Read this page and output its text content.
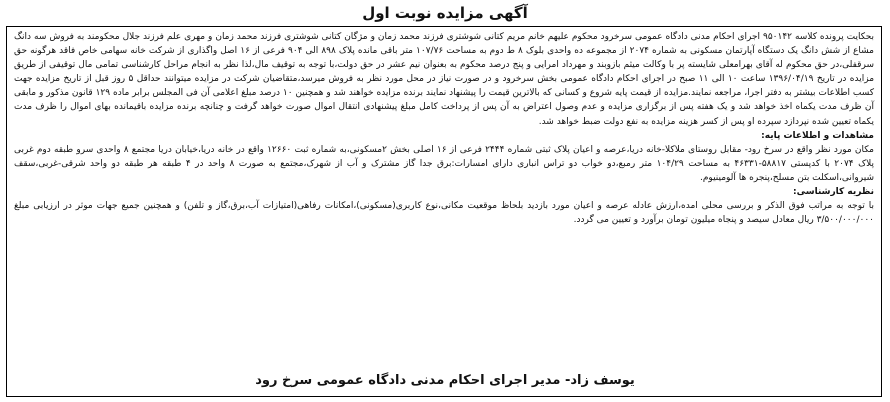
آگهی مزایده نوبت اول

بحکایت پرونده کلاسه ۹۵۰۱۴۲ اجرای احکام مدنی دادگاه عمومی سرخرود محکوم علیهم خانم مریم کتانی شوشتری فرزند محمد زمان و مژگان کتانی شوشتری فرزند محمد زمان و مهری علم فرزند جلال محکومند به فروش سه دانگ مشاع از شش دانگ یک دستگاه آپارتمان مسکونی به شماره ۲۰۷۴ از مجموعه ده واحدی بلوک ۸ ط دوم به مساحت ۱۰۷/۷۶ متر باقی مانده پلاک ۸۹۸ الی ۹۰۴ فرعی از ۱۶ اصل واگذاری از شرکت خانه سهامی خاص فاقد هرگونه حق سرقفلی،در حق محکوم له آقای بهرامعلی شایسته پر با وکالت میثم بازوبند و مهرداد امرایی و پنج درصد محکوم به بعنوان نیم عشر در حق دولت،با توجه به توقیف مال،لذا نظر به انجام مراحل کارشناسی تمامی مال توقیفی از طریق مزایده در تاریخ ۱۳۹۶/۰۴/۱۹ ساعت ۱۰ الی ۱۱ صبح در اجرای احکام دادگاه عمومی بخش سرخرود و در صورت نیاز در محل مورد نظر به فروش میرسد،متقاضیان شرکت در مزایده میتوانند حداقل ۵ روز قبل از تاریخ مزایده جهت کسب اطلاعات بیشتر به دفتر اجرا، مراجعه نمایند.مزایده از قیمت پایه شروع و کسانی که بالاترین قیمت را پیشنهاد نمایند برنده مزایده خواهند شد و همچنین ۱۰ درصد مبلغ اعلامی آن فی المجلس برابر ماده ۱۲۹ قانون مذکور و مابقی آن ظرف مدت یکماه اخذ خواهد شد و یک هفته پس از برگزاری مزایده و عدم وصول اعتراض به آن پس از پرداخت کامل مبلغ پیشنهادی انتقال اموال صورت خواهد گرفت و چنانچه برنده مزایده باقیمانده بهای اموال را ظرف مدت یکماه تعیین شده نپردازد سپرده او پس از کسر هزینه مزایده به نفع دولت ضبط خواهد شد.

مشاهدات و اطلاعات پایه:

مکان مورد نظر واقع در سرخ رود- مقابل روستای ملاکلا-خانه دریا،عرصه و اعیان پلاک ثبتی شماره ۲۴۴۴ فرعی از ۱۶ اصلی بخش ۲مسکونی،به شماره ثبت ۱۲۶۶۰ واقع در خانه دریا،خیابان دریا مجتمع ۸ واحدی سرو طبقه دوم غربی پلاک ۲۰۷۴ با کدپستی ۵۸۸۱۷-۴۶۳۳۱ به مساحت ۱۰۴/۲۹ متر رمبع،دو خواب دو تراس انباری دارای امسارات:برق جدا گاز مشترک و آب از شهرک،مجتمع به صورت ۸ واحد در ۴ طبقه هر طبقه دو واحد شرقی-غربی،سقف شیروانی،اسکلت بتن مسلح،پنجره ها آلومینیوم.

نظریه کارشناسی:

با توجه به مراتب فوق الذکر و بررسی محلی امده،ارزش عادله عرصه و اعیان مورد بازدید بلحاظ موقعیت مکانی،نوع کاربری(مسکونی)،امکانات رفاهی(امتیازات آب،برق،گاز و تلفن) و همچنین جمیع جهات موثر در ارزیابی مبلغ ۳/۵۰۰/۰۰۰/۰۰۰ ریال معادل سیصد و پنجاه میلیون تومان برآورد و تعیین می گردد.

یوسف زاد- مدیر اجرای احکام مدنی دادگاه عمومی سرخ رود
